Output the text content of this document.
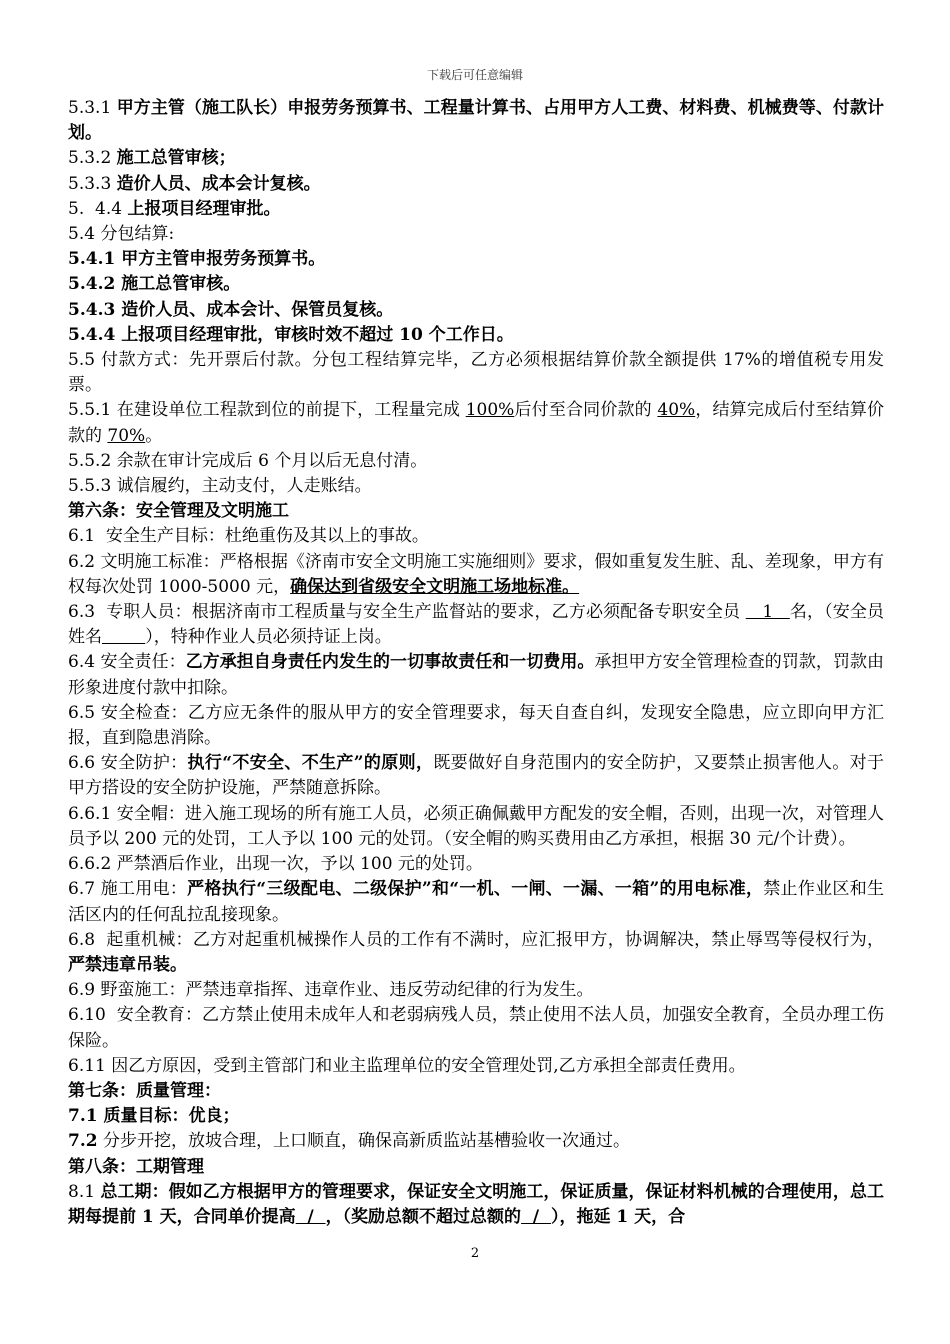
下载后可任意编辑

5.3.1 甲方主管（施工队长）申报劳务预算书、工程量计算书、占用甲方人工费、材料费、机械费等、付款计划。

5.3.2 施工总管审核；

5.3.3 造价人员、成本会计复核。

5.  4.4 上报项目经理审批。

5.4 分包结算:

5.4.1 甲方主管申报劳务预算书。

5.4.2 施工总管审核。

5.4.3 造价人员、成本会计、保管员复核。

5.4.4 上报项目经理审批，审核时效不超过 10 个工作日。

5.5 付款方式：先开票后付款。分包工程结算完毕，乙方必须根据结算价款全额提供 17%的增值税专用发票。

5.5.1 在建设单位工程款到位的前提下，工程量完成 100%后付至合同价款的 40%，结算完成后付至结算价款的 70%。

5.5.2 余款在审计完成后 6 个月以后无息付清。

5.5.3 诚信履约，主动支付，人走账结。

第六条：安全管理及文明施工

6.1  安全生产目标：杜绝重伤及其以上的事故。

6.2 文明施工标准：严格根据《济南市安全文明施工实施细则》要求，假如重复发生脏、乱、差现象，甲方有权每次处罚 1000-5000 元，确保达到省级安全文明施工场地标准。

6.3  专职人员：根据济南市工程质量与安全生产监督站的要求，乙方必须配备专职安全员    1   名，（安全员姓名	），特种作业人员必须持证上岗。

6.4 安全责任：乙方承担自身责任内发生的一切事故责任和一切费用。承担甲方安全管理检查的罚款，罚款由形象进度付款中扣除。

6.5 安全检查：乙方应无条件的服从甲方的安全管理要求，每天自查自纠，发现安全隐患，应立即向甲方汇报，直到隐患消除。

6.6 安全防护：执行“不安全、不生产”的原则，既要做好自身范围内的安全防护，又要禁止损害他人。对于甲方搭设的安全防护设施，严禁随意拆除。

6.6.1 安全帽：进入施工现场的所有施工人员，必须正确佩戴甲方配发的安全帽，否则，出现一次，对管理人员予以 200 元的处罚，工人予以 100 元的处罚。（安全帽的购买费用由乙方承担，根据 30 元/个计费）。

6.6.2 严禁酒后作业，出现一次，予以 100 元的处罚。

6.7 施工用电：严格执行“三级配电、二级保护”和“一机、一闸、一漏、一箱”的用电标准，禁止作业区和生活区内的任何乱拉乱接现象。

6.8  起重机械：乙方对起重机械操作人员的工作有不满时，应汇报甲方，协调解决，禁止辱骂等侵权行为，严禁违章吊装。

6.9 野蛮施工：严禁违章指挥、违章作业、违反劳动纪律的行为发生。

6.10  安全教育：乙方禁止使用未成年人和老弱病残人员，禁止使用不法人员，加强安全教育，全员办理工伤保险。

6.11 因乙方原因，受到主管部门和业主监理单位的安全管理处罚,乙方承担全部责任费用。

第七条：质量管理：

7.1 质量目标：优良；

7.2 分步开挖，放坡合理，上口顺直，确保高新质监站基槽验收一次通过。

第八条：工期管理

8.1 总工期：假如乙方根据甲方的管理要求，保证安全文明施工，保证质量，保证材料机械的合理使用，总工期每提前 1 天，合同单价提高  /  ，（奖励总额不超过总额的  /  ），拖延 1 天，合

2
